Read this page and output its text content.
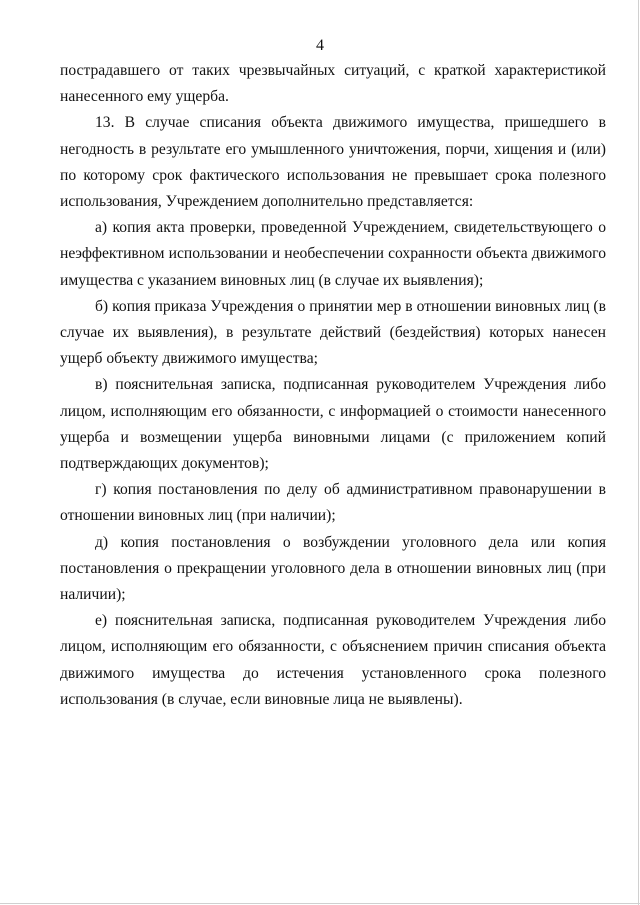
4

пострадавшего от таких чрезвычайных ситуаций, с краткой характеристикой нанесенного ему ущерба.

13. В случае списания объекта движимого имущества, пришедшего в негодность в результате его умышленного уничтожения, порчи, хищения и (или) по которому срок фактического использования не превышает срока полезного использования, Учреждением дополнительно представляется:

а) копия акта проверки, проведенной Учреждением, свидетельствующего о неэффективном использовании и необеспечении сохранности объекта движимого имущества с указанием виновных лиц (в случае их выявления);

б) копия приказа Учреждения о принятии мер в отношении виновных лиц (в случае их выявления), в результате действий (бездействия) которых нанесен ущерб объекту движимого имущества;

в) пояснительная записка, подписанная руководителем Учреждения либо лицом, исполняющим его обязанности, с информацией о стоимости нанесенного ущерба и возмещении ущерба виновными лицами (с приложением копий подтверждающих документов);

г) копия постановления по делу об административном правонарушении в отношении виновных лиц (при наличии);

д) копия постановления о возбуждении уголовного дела или копия постановления о прекращении уголовного дела в отношении виновных лиц (при наличии);

е) пояснительная записка, подписанная руководителем Учреждения либо лицом, исполняющим его обязанности, с объяснением причин списания объекта движимого имущества до истечения установленного срока полезного использования (в случае, если виновные лица не выявлены).
